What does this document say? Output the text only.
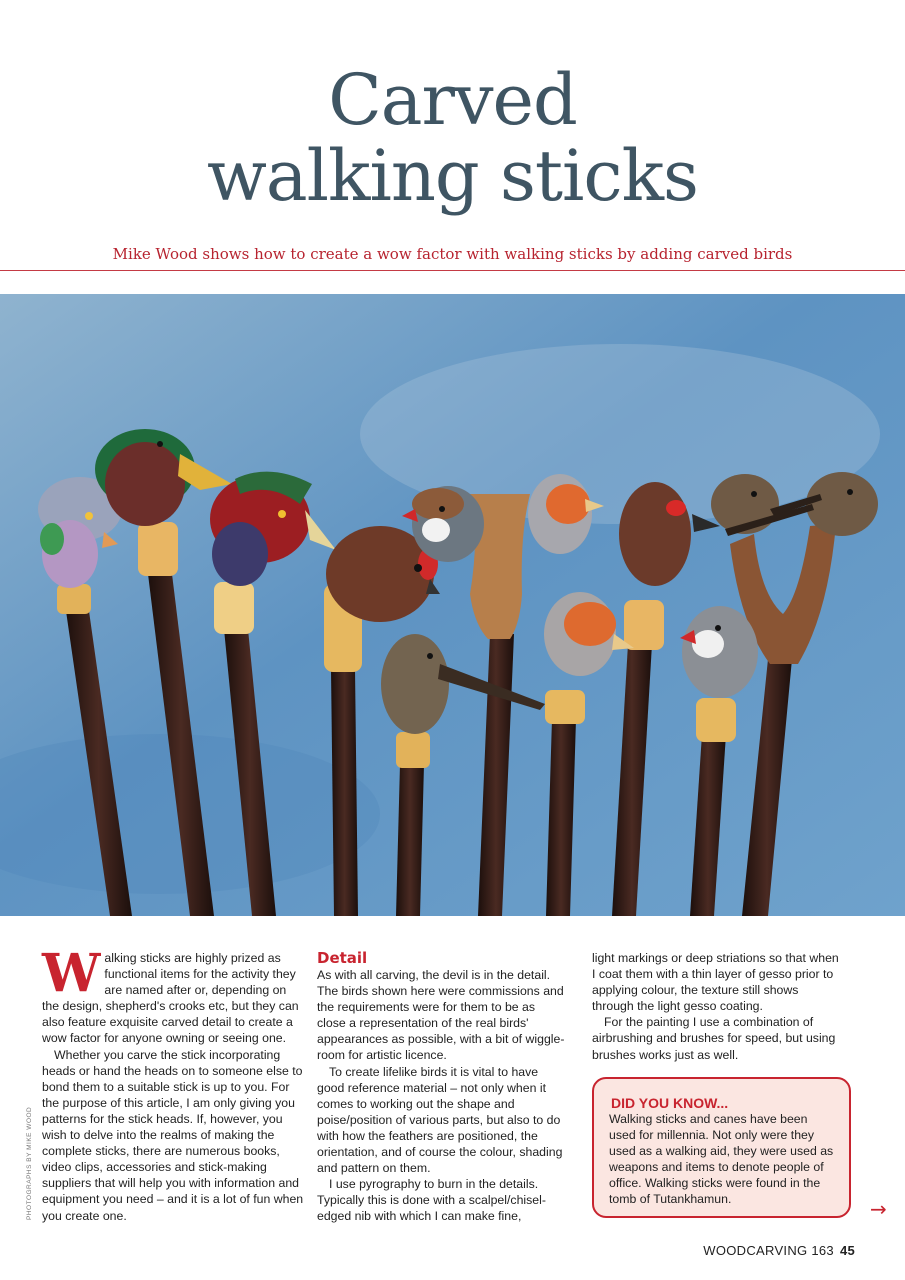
Carved
walking sticks
Mike Wood shows how to create a wow factor with walking sticks by adding carved birds

Walking sticks are highly prized as functional items for the activity they are named after or, depending on the design, shepherd's crooks etc, but they can also feature exquisite carved detail to create a wow factor for anyone owning or seeing one.

Whether you carve the stick incorporating heads or hand the heads on to someone else to bond them to a suitable stick is up to you. For the purpose of this article, I am only giving you patterns for the stick heads. If, however, you wish to delve into the realms of making the complete sticks, there are numerous books, video clips, accessories and stick-making suppliers that will help you with information and equipment you need – and it is a lot of fun when you create one.

Detail

As with all carving, the devil is in the detail. The birds shown here were commissions and the requirements were for them to be as close a representation of the real birds' appearances as possible, with a bit of wiggle-room for artistic licence.

To create lifelike birds it is vital to have good reference material – not only when it comes to working out the shape and poise/position of various parts, but also to do with how the feathers are positioned, the orientation, and of course the colour, shading and pattern on them.

I use pyrography to burn in the details. Typically this is done with a scalpel/chisel-edged nib with which I can make fine,

light markings or deep striations so that when I coat them with a thin layer of gesso prior to applying colour, the texture still shows through the light gesso coating.

For the painting I use a combination of airbrushing and brushes for speed, but using brushes works just as well.

PHOTOGRAPHS BY MIKE WOOD

DID YOU KNOW...

Walking sticks and canes have been used for millennia. Not only were they used as a walking aid, they were used as weapons and items to denote people of office. Walking sticks were found in the tomb of Tutankhamun.	→
WOODCARVING 163 45
